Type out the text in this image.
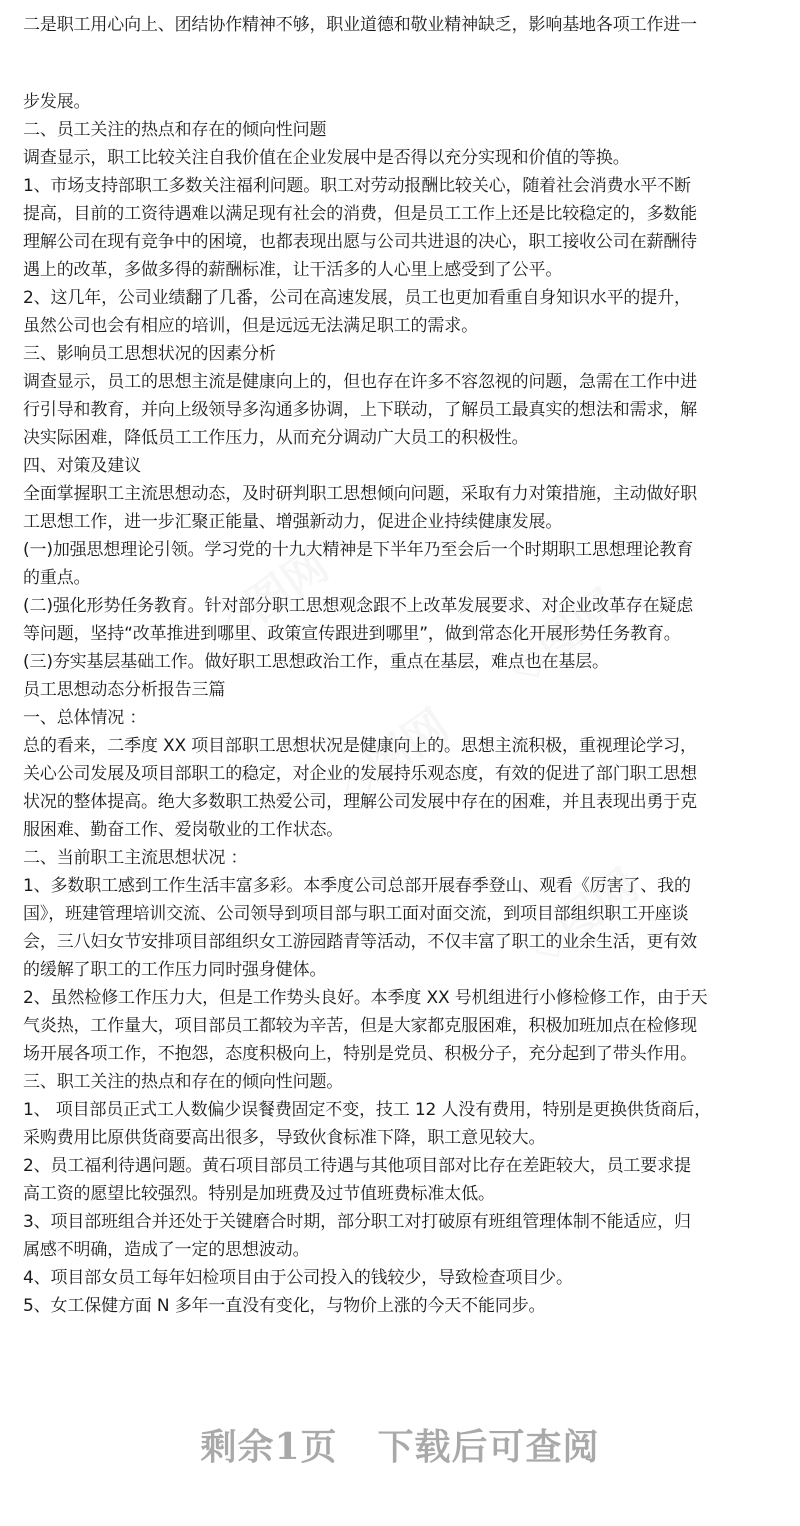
二是职工用心向上、团结协作精神不够，职业道德和敬业精神缺乏，影响基地各项工作进一
步发展。
二、员工关注的热点和存在的倾向性问题
调查显示，职工比较关注自我价值在企业发展中是否得以充分实现和价值的等换。
1、市场支持部职工多数关注福利问题。职工对劳动报酬比较关心，随着社会消费水平不断
提高，目前的工资待遇难以满足现有社会的消费，但是员工工作上还是比较稳定的，多数能
理解公司在现有竞争中的困境，也都表现出愿与公司共进退的决心，职工接收公司在薪酬待
遇上的改革，多做多得的薪酬标准，让干活多的人心里上感受到了公平。
2、这几年，公司业绩翻了几番，公司在高速发展，员工也更加看重自身知识水平的提升，
虽然公司也会有相应的培训，但是远远无法满足职工的需求。
三、影响员工思想状况的因素分析
调查显示，员工的思想主流是健康向上的，但也存在许多不容忽视的问题，急需在工作中进
行引导和教育，并向上级领导多沟通多协调，上下联动，了解员工最真实的想法和需求，解
决实际困难，降低员工工作压力，从而充分调动广大员工的积极性。
四、对策及建议
全面掌握职工主流思想动态，及时研判职工思想倾向问题，采取有力对策措施，主动做好职
工思想工作，进一步汇聚正能量、增强新动力，促进企业持续健康发展。
(一)加强思想理论引领。学习党的十九大精神是下半年乃至会后一个时期职工思想理论教育
的重点。
(二)强化形势任务教育。针对部分职工思想观念跟不上改革发展要求、对企业改革存在疑虑
等问题，坚持“改革推进到哪里、政策宣传跟进到哪里”，做到常态化开展形势任务教育。
(三)夯实基层基础工作。做好职工思想政治工作，重点在基层，难点也在基层。
员工思想动态分析报告三篇
一、总体情况 ：
总的看来，二季度 XX 项目部职工思想状况是健康向上的。思想主流积极，重视理论学习，
关心公司发展及项目部职工的稳定，对企业的发展持乐观态度，有效的促进了部门职工思想
状况的整体提高。绝大多数职工热爱公司，理解公司发展中存在的困难，并且表现出勇于克
服困难、勤奋工作、爱岗敬业的工作状态。
二、当前职工主流思想状况 ：
1、多数职工感到工作生活丰富多彩。本季度公司总部开展春季登山、观看《厉害了、我的
国》，班建管理培训交流、公司领导到项目部与职工面对面交流，到项目部组织职工开座谈
会，三八妇女节安排项目部组织女工游园踏青等活动，不仅丰富了职工的业余生活，更有效
的缓解了职工的工作压力同时强身健体。
2、虽然检修工作压力大，但是工作势头良好。本季度 XX 号机组进行小修检修工作，由于天
气炎热，工作量大，项目部员工都较为辛苦，但是大家都克服困难，积极加班加点在检修现
场开展各项工作，不抱怨，态度积极向上，特别是党员、积极分子，充分起到了带头作用。
三、职工关注的热点和存在的倾向性问题。
1、 项目部员正式工人数偏少误餐费固定不变，技工 12 人没有费用，特别是更换供货商后，
采购费用比原供货商要高出很多，导致伙食标准下降，职工意见较大。
2、员工福利待遇问题。黄石项目部员工待遇与其他项目部对比存在差距较大，员工要求提
高工资的愿望比较强烈。特别是加班费及过节值班费标准太低。
3、项目部班组合并还处于关键磨合时期，部分职工对打破原有班组管理体制不能适应，归
属感不明确，造成了一定的思想波动。
4、项目部女员工每年妇检项目由于公司投入的钱较少，导致检查项目少。
5、女工保健方面 N 多年一直没有变化，与物价上涨的今天不能同步。
剩余1页 下载后可查阅
